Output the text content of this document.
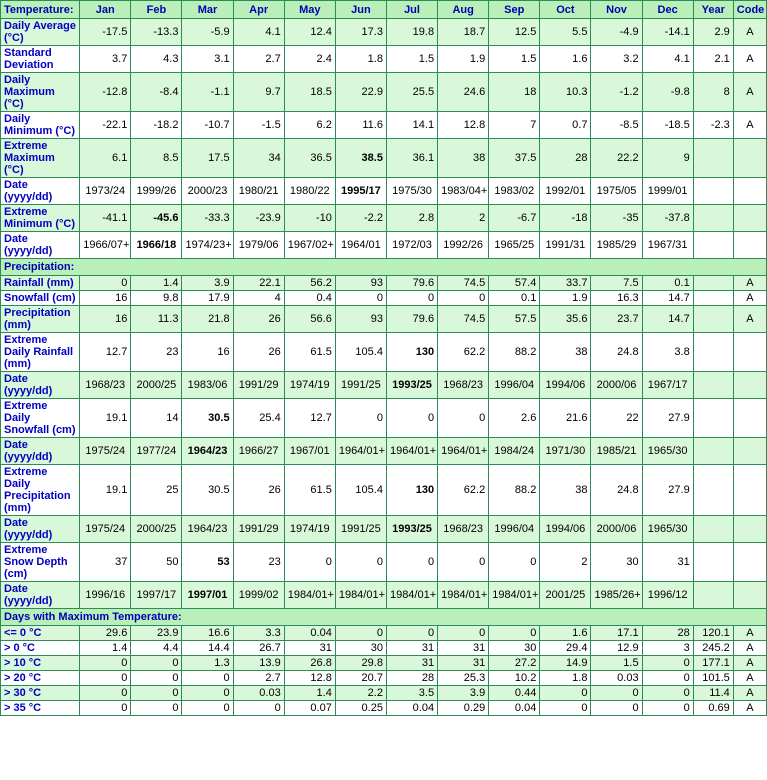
Temperature:	Jan	Feb	Mar	Apr	May	Jun	Jul	Aug	Sep	Oct	Nov	Dec	Year	Code
Daily Average (°C)	-17.5	-13.3	-5.9	4.1	12.4	17.3	19.8	18.7	12.5	5.5	-4.9	-14.1	2.9	A
Standard Deviation	3.7	4.3	3.1	2.7	2.4	1.8	1.5	1.9	1.5	1.6	3.2	4.1	2.1	A
Daily Maximum (°C)	-12.8	-8.4	-1.1	9.7	18.5	22.9	25.5	24.6	18	10.3	-1.2	-9.8	8	A
Daily Minimum (°C)	-22.1	-18.2	-10.7	-1.5	6.2	11.6	14.1	12.8	7	0.7	-8.5	-18.5	-2.3	A
Extreme Maximum (°C)	6.1	8.5	17.5	34	36.5	38.5	36.1	38	37.5	28	22.2	9		
Date (yyyy/dd)	1973/24	1999/26	2000/23	1980/21	1980/22	1995/17	1975/30	1983/04+	1983/02	1992/01	1975/05	1999/01		
Extreme Minimum (°C)	-41.1	-45.6	-33.3	-23.9	-10	-2.2	2.8	2	-6.7	-18	-35	-37.8		
Date (yyyy/dd)	1966/07+	1966/18	1974/23+	1979/06	1967/02+	1964/01	1972/03	1992/26	1965/25	1991/31	1985/29	1967/31		
Precipitation:														
Rainfall (mm)	0	1.4	3.9	22.1	56.2	93	79.6	74.5	57.4	33.7	7.5	0.1		A
Snowfall (cm)	16	9.8	17.9	4	0.4	0	0	0	0.1	1.9	16.3	14.7		A
Precipitation (mm)	16	11.3	21.8	26	56.6	93	79.6	74.5	57.5	35.6	23.7	14.7		A
Extreme Daily Rainfall (mm)	12.7	23	16	26	61.5	105.4	130	62.2	88.2	38	24.8	3.8		
Date (yyyy/dd)	1968/23	2000/25	1983/06	1991/29	1974/19	1991/25	1993/25	1968/23	1996/04	1994/06	2000/06	1967/17		
Extreme Daily Snowfall (cm)	19.1	14	30.5	25.4	12.7	0	0	0	2.6	21.6	22	27.9		
Date (yyyy/dd)	1975/24	1977/24	1964/23	1966/27	1967/01	1964/01+	1964/01+	1964/01+	1984/24	1971/30	1985/21	1965/30		
Extreme Daily Precipitation (mm)	19.1	25	30.5	26	61.5	105.4	130	62.2	88.2	38	24.8	27.9		
Date (yyyy/dd)	1975/24	2000/25	1964/23	1991/29	1974/19	1991/25	1993/25	1968/23	1996/04	1994/06	2000/06	1965/30		
Extreme Snow Depth (cm)	37	50	53	23	0	0	0	0	0	2	30	31		
Date (yyyy/dd)	1996/16	1997/17	1997/01	1999/02	1984/01+	1984/01+	1984/01+	1984/01+	1984/01+	2001/25	1985/26+	1996/12		
Days with Maximum Temperature:														
<= 0 °C	29.6	23.9	16.6	3.3	0.04	0	0	0	0	1.6	17.1	28	120.1	A
> 0 °C	1.4	4.4	14.4	26.7	31	30	31	31	30	29.4	12.9	3	245.2	A
> 10 °C	0	0	1.3	13.9	26.8	29.8	31	31	27.2	14.9	1.5	0	177.1	A
> 20 °C	0	0	0	2.7	12.8	20.7	28	25.3	10.2	1.8	0.03	0	101.5	A
> 30 °C	0	0	0	0.03	1.4	2.2	3.5	3.9	0.44	0	0	0	11.4	A
> 35 °C	0	0	0	0	0.07	0.25	0.04	0.29	0.04	0	0	0	0.69	A
